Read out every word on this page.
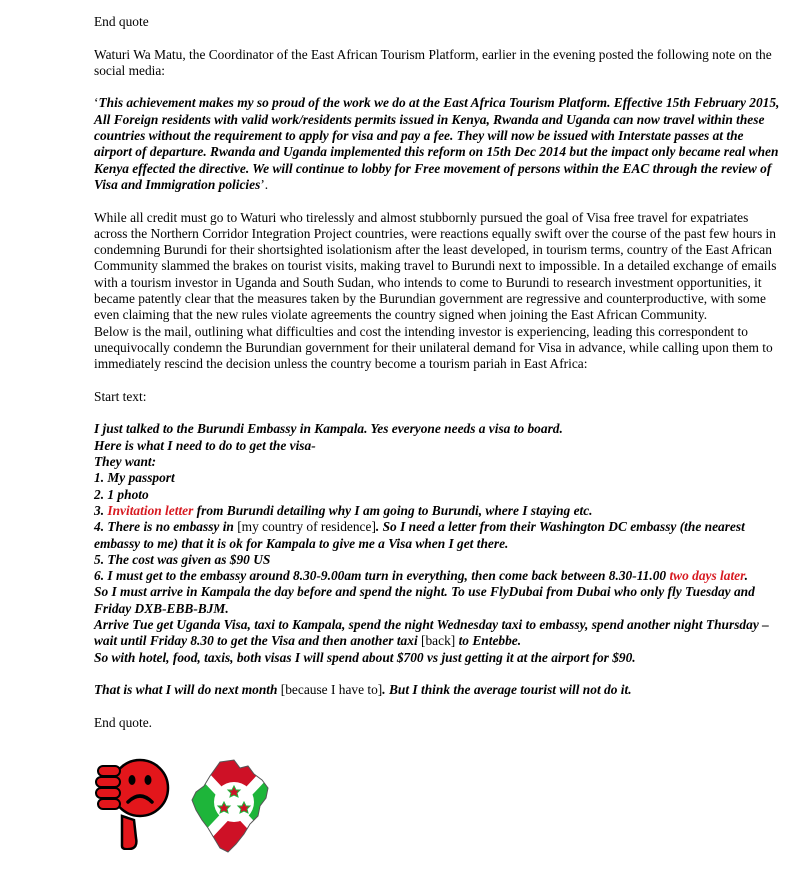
End quote

Waturi Wa Matu, the Coordinator of the East African Tourism Platform, earlier in the evening posted the following note on the social media:

‘This achievement makes my so proud of the work we do at the East Africa Tourism Platform. Effective 15th February 2015, All Foreign residents with valid work/residents permits issued in Kenya, Rwanda and Uganda can now travel within these countries without the requirement to apply for visa and pay a fee. They will now be issued with Interstate passes at the airport of departure. Rwanda and Uganda implemented this reform on 15th Dec 2014 but the impact only became real when Kenya effected the directive. We will continue to lobby for Free movement of persons within the EAC through the review of Visa and Immigration policies’.

While all credit must go to Waturi who tirelessly and almost stubbornly pursued the goal of Visa free travel for expatriates across the Northern Corridor Integration Project countries, were reactions equally swift over the course of the past few hours in condemning Burundi for their shortsighted isolationism after the least developed, in tourism terms, country of the East African Community slammed the brakes on tourist visits, making travel to Burundi next to impossible. In a detailed exchange of emails with a tourism investor in Uganda and South Sudan, who intends to come to Burundi to research investment opportunities, it became patently clear that the measures taken by the Burundian government are regressive and counterproductive, with some even claiming that the new rules violate agreements the country signed when joining the East African Community.

Below is the mail, outlining what difficulties and cost the intending investor is experiencing, leading this correspondent to unequivocally condemn the Burundian government for their unilateral demand for Visa in advance, while calling upon them to immediately rescind the decision unless the country become a tourism pariah in East Africa:

Start text:

I just talked to the Burundi Embassy in Kampala. Yes everyone needs a visa to board.
Here is what I need to do to get the visa-
They want:
1. My passport
2. 1 photo
3. Invitation letter from Burundi detailing why I am going to Burundi, where I staying etc.
4. There is no embassy in [my country of residence]. So I need a letter from their Washington DC embassy (the nearest embassy to me) that it is ok for Kampala to give me a Visa when I get there.
5. The cost was given as $90 US
6. I must get to the embassy around 8.30-9.00am turn in everything, then come back between 8.30-11.00 two days later.
So I must arrive in Kampala the day before and spend the night. To use FlyDubai from Dubai who only fly Tuesday and Friday DXB-EBB-BJM.
Arrive Tue get Uganda Visa, taxi to Kampala, spend the night Wednesday taxi to embassy, spend another night Thursday – wait until Friday 8.30 to get the Visa and then another taxi [back] to Entebbe.
So with hotel, food, taxis, both visas I will spend about $700 vs just getting it at the airport for $90.
That is what I will do next month [because I have to]. But I think the average tourist will not do it.

End quote.
